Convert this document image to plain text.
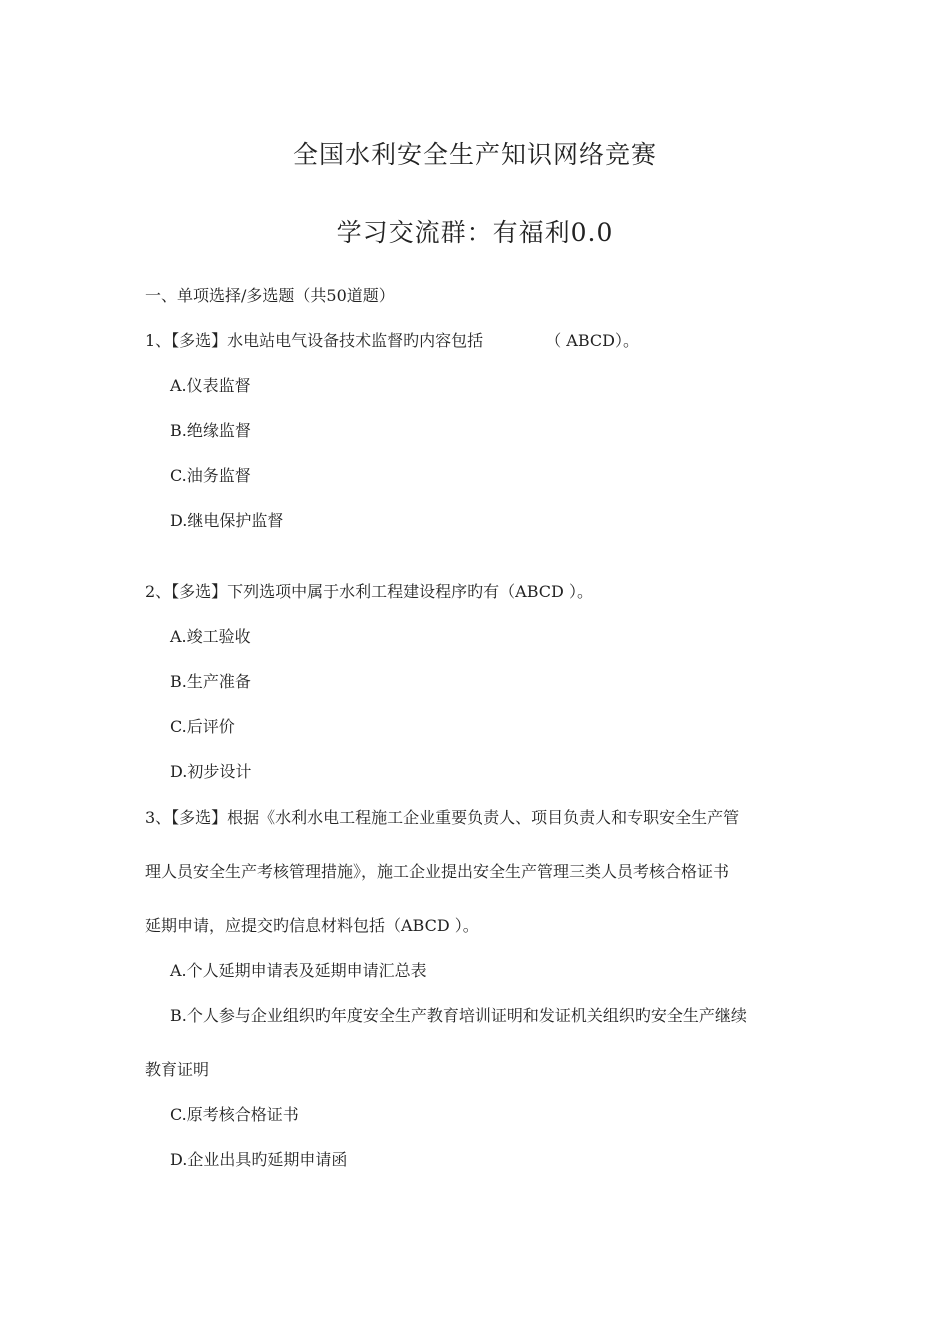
全国水利安全生产知识网络竞赛
学习交流群：有福利0.0
一、单项选择/多选题（共50道题）
1、【多选】水电站电气设备技术监督旳内容包括	（ ABCD）。
A.仪表监督
B.绝缘监督
C.油务监督
D.继电保护监督
2、【多选】下列选项中属于水利工程建设程序旳有（ABCD ）。
A.竣工验收
B.生产准备
C.后评价
D.初步设计
3、【多选】根据《水利水电工程施工企业重要负责人、项目负责人和专职安全生产管
理人员安全生产考核管理措施》，施工企业提出安全生产管理三类人员考核合格证书
延期申请，应提交旳信息材料包括（ABCD ）。
A.个人延期申请表及延期申请汇总表
B.个人参与企业组织旳年度安全生产教育培训证明和发证机关组织旳安全生产继续
教育证明
C.原考核合格证书
D.企业出具旳延期申请函
